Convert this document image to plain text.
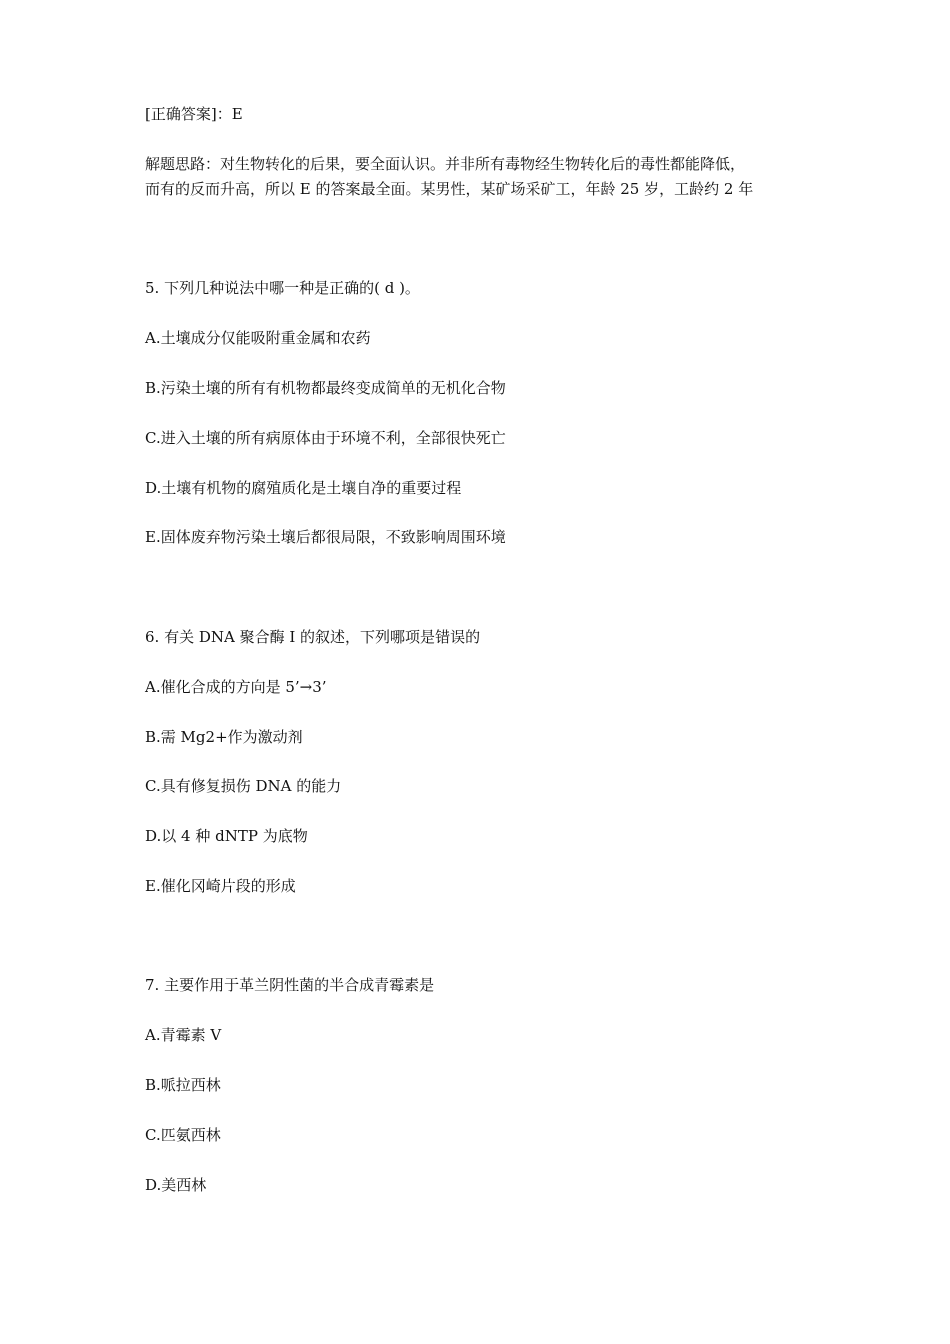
[正确答案]：E
解题思路：对生物转化的后果，要全面认识。并非所有毒物经生物转化后的毒性都能降低，
而有的反而升高，所以 E 的答案最全面。某男性，某矿场采矿工，年龄 25 岁，工龄约 2 年
5. 下列几种说法中哪一种是正确的( d )。
A.土壤成分仅能吸附重金属和农药
B.污染土壤的所有有机物都最终变成简单的无机化合物
C.进入土壤的所有病原体由于环境不利，全部很快死亡
D.土壤有机物的腐殖质化是土壤自净的重要过程
E.固体废弃物污染土壤后都很局限，不致影响周围环境
6. 有关 DNA 聚合酶 I 的叙述，下列哪项是错误的
A.催化合成的方向是 5’→3’
B.需 Mg2+作为激动剂
C.具有修复损伤 DNA 的能力
D.以 4 种 dNTP 为底物
E.催化冈崎片段的形成
7. 主要作用于革兰阴性菌的半合成青霉素是
A.青霉素 V
B.哌拉西林
C.匹氨西林
D.美西林
